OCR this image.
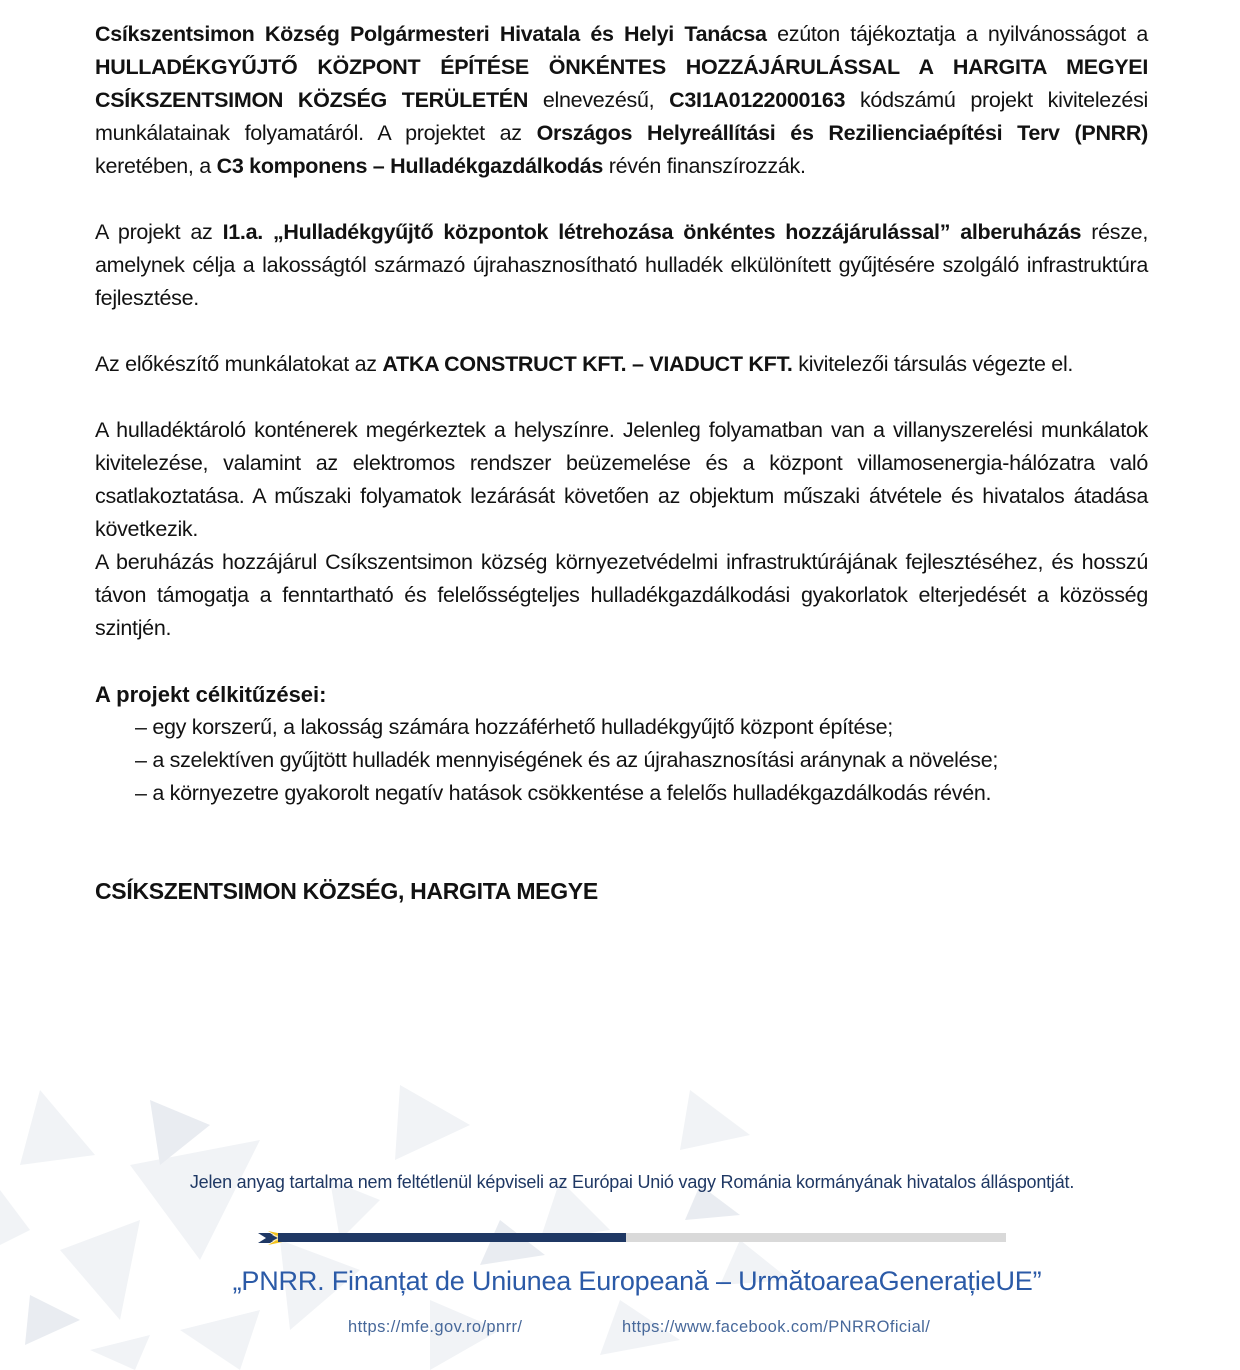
Csíkszentsimon Község Polgármesteri Hivatala és Helyi Tanácsa ezúton tájékoztatja a nyilvánosságot a HULLADÉKGYŰJTŐ KÖZPONT ÉPÍTÉSE ÖNKÉNTES HOZZÁJÁRULÁSSAL A HARGITA MEGYEI CSÍKSZENTSIMON KÖZSÉG TERÜLETÉN elnevezésű, C3I1A0122000163 kódszámú projekt kivitelezési munkálatainak folyamatáról. A projektet az Országos Helyreállítási és Rezilienciaépítési Terv (PNRR) keretében, a C3 komponens – Hulladékgazdálkodás révén finanszírozzák.

A projekt az I1.a. „Hulladékgyűjtő központok létrehozása önkéntes hozzájárulással” alberuházás része, amelynek célja a lakosságtól származó újrahasznosítható hulladék elkülönített gyűjtésére szolgáló infrastruktúra fejlesztése.

Az előkészítő munkálatokat az ATKA CONSTRUCT KFT. – VIADUCT KFT. kivitelezői társulás végezte el.

A hulladéktároló konténerek megérkeztek a helyszínre. Jelenleg folyamatban van a villanyszerelési munkálatok kivitelezése, valamint az elektromos rendszer beüzemelése és a központ villamosenergia-hálózatra való csatlakoztatása. A műszaki folyamatok lezárását követően az objektum műszaki átvétele és hivatalos átadása következik.

A beruházás hozzájárul Csíkszentsimon község környezetvédelmi infrastruktúrájának fejlesztéséhez, és hosszú távon támogatja a fenntartható és felelősségteljes hulladékgazdálkodási gyakorlatok elterjedését a közösség szintjén.

A projekt célkitűzései:

– egy korszerű, a lakosság számára hozzáférhető hulladékgyűjtő központ építése;
– a szelektíven gyűjtött hulladék mennyiségének és az újrahasznosítási aránynak a növelése;
– a környezetre gyakorolt negatív hatások csökkentése a felelős hulladékgazdálkodás révén.
CSÍKSZENTSIMON KÖZSÉG, HARGITA MEGYE
Jelen anyag tartalma nem feltétlenül képviseli az Európai Unió vagy Románia kormányának hivatalos álláspontját.
„PNRR. Finanțat de Uniunea Europeană – UrmătoareaGenerațieUE”
https://mfe.gov.ro/pnrr/	https://www.facebook.com/PNRROficial/
